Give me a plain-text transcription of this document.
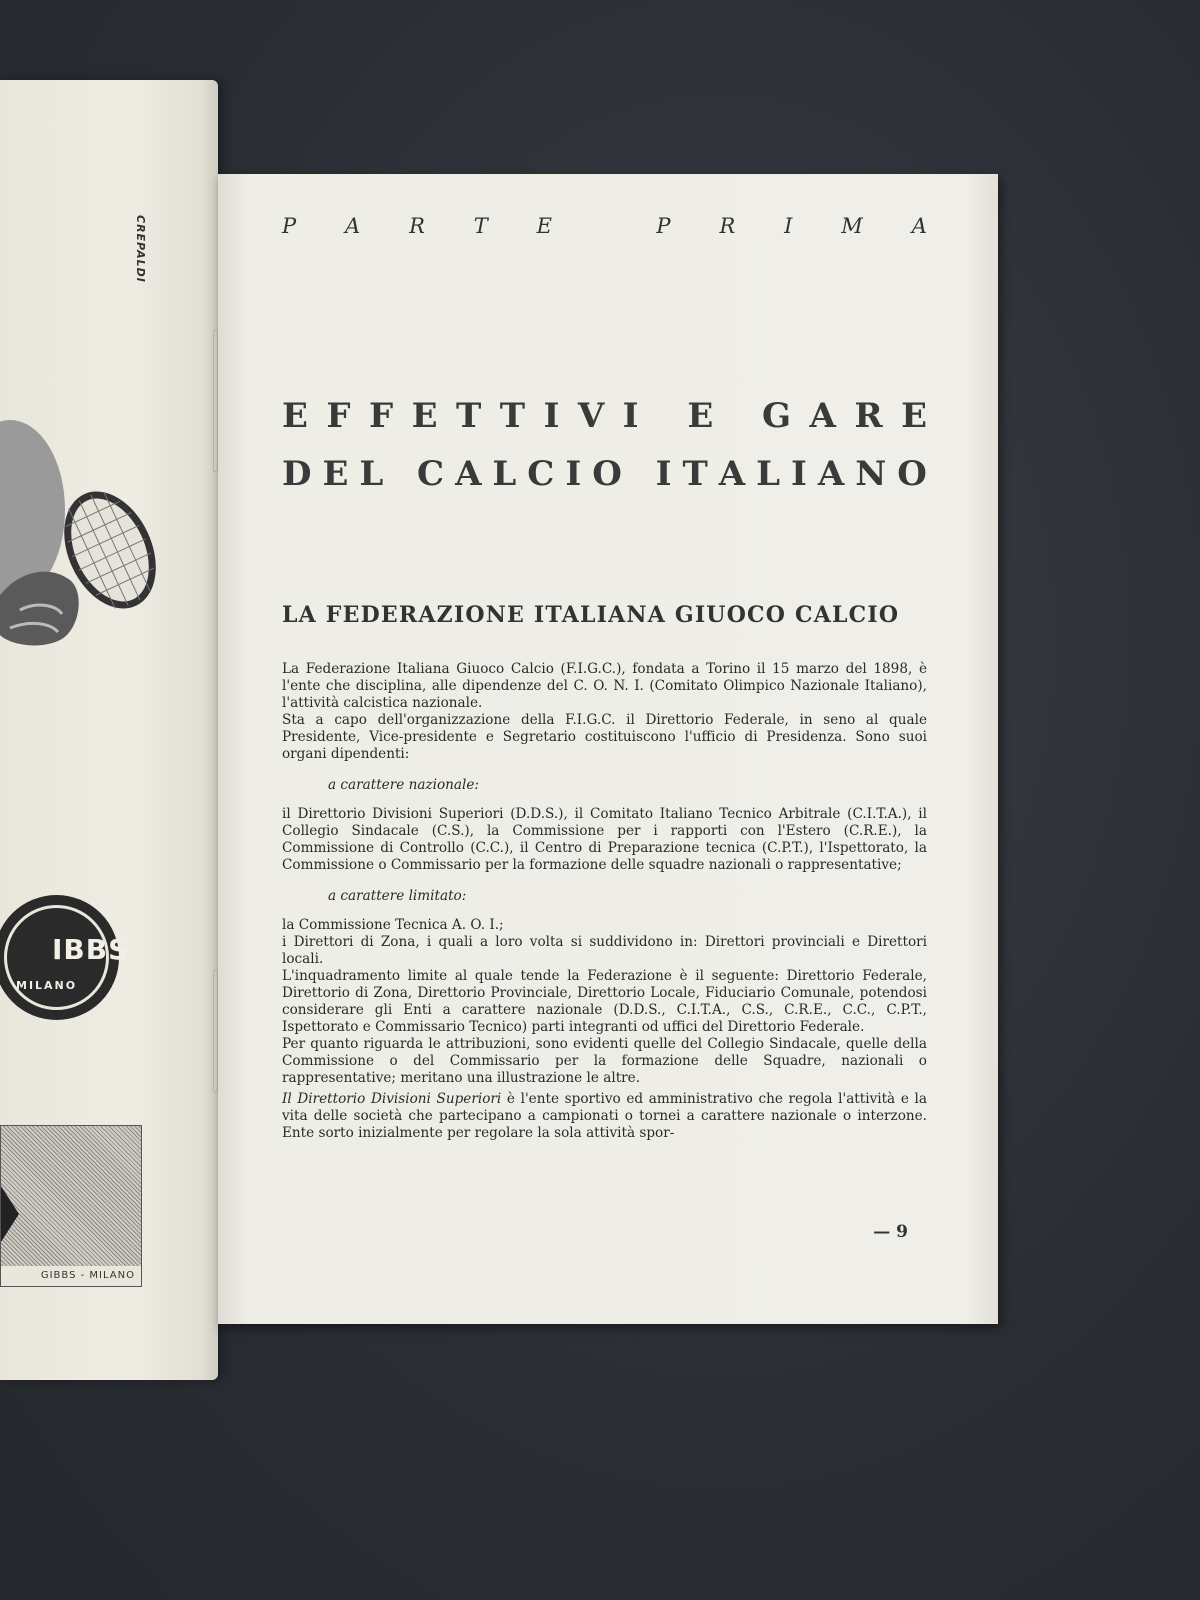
CREPALDI
IBBS
MILANO
GIBBS - MILANO
P A R T E
	P R I M A
E F F E T T I V I
E
G A R E
D E L
C A L C I O
I T A L I A N O
LA FEDERAZIONE ITALIANA GIUOCO CALCIO

La Federazione Italiana Giuoco Calcio (F.I.G.C.), fondata a Torino il 15 marzo del 1898, è l'ente che disciplina, alle dipendenze del C. O. N. I. (Comitato Olimpico Nazionale Italiano), l'attività calcistica nazionale.

Sta a capo dell'organizzazione della F.I.G.C. il Direttorio Federale, in seno al quale Presidente, Vice-presidente e Segretario costituiscono l'ufficio di Presidenza. Sono suoi organi dipendenti:

a carattere nazionale:

il Direttorio Divisioni Superiori (D.D.S.), il Comitato Italiano Tecnico Arbitrale (C.I.T.A.), il Collegio Sindacale (C.S.), la Commissione per i rapporti con l'Estero (C.R.E.), la Commissione di Controllo (C.C.), il Centro di Preparazione tecnica (C.P.T.), l'Ispettorato, la Commissione o Commissario per la formazione delle squadre nazionali o rappresentative;

a carattere limitato:

la Commissione Tecnica A. O. I.;

i Direttori di Zona, i quali a loro volta si suddividono in: Direttori provinciali e Direttori locali.

L'inquadramento limite al quale tende la Federazione è il seguente: Direttorio Federale, Direttorio di Zona, Direttorio Provinciale, Direttorio Locale, Fiduciario Comunale, potendosi considerare gli Enti a carattere nazionale (D.D.S., C.I.T.A., C.S., C.R.E., C.C., C.P.T., Ispettorato e Commissario Tecnico) parti integranti od uffici del Direttorio Federale.

Per quanto riguarda le attribuzioni, sono evidenti quelle del Collegio Sindacale, quelle della Commissione o del Commissario per la formazione delle Squadre, nazionali o rappresentative; meritano una illustrazione le altre.

Il Direttorio Divisioni Superiori è l'ente sportivo ed amministrativo che regola l'attività e la vita delle società che partecipano a campionati o tornei a carattere nazionale o interzone. Ente sorto inizialmente per regolare la sola attività spor-

— 9
